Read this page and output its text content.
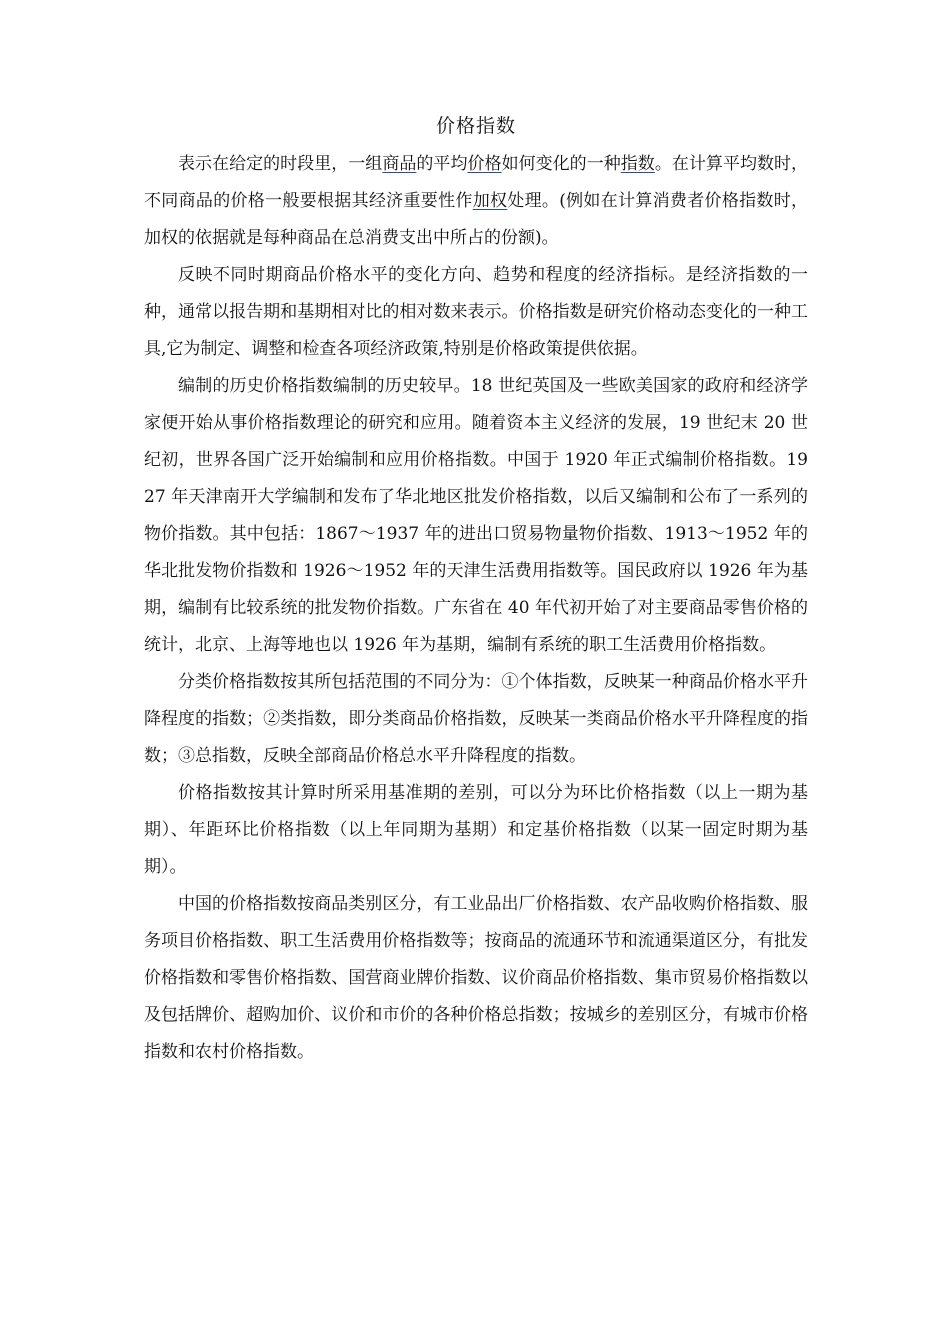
价格指数

表示在给定的时段里，一组商品的平均价格如何变化的一种指数。在计算平均数时，不同商品的价格一般要根据其经济重要性作加权处理。(例如在计算消费者价格指数时，加权的依据就是每种商品在总消费支出中所占的份额)。

反映不同时期商品价格水平的变化方向、趋势和程度的经济指标。是经济指数的一种，通常以报告期和基期相对比的相对数来表示。价格指数是研究价格动态变化的一种工具,它为制定、调整和检查各项经济政策,特别是价格政策提供依据。

编制的历史价格指数编制的历史较早。18 世纪英国及一些欧美国家的政府和经济学家便开始从事价格指数理论的研究和应用。随着资本主义经济的发展，19 世纪末 20 世纪初，世界各国广泛开始编制和应用价格指数。中国于 1920 年正式编制价格指数。1927 年天津南开大学编制和发布了华北地区批发价格指数，以后又编制和公布了一系列的物价指数。其中包括：1867～1937 年的进出口贸易物量物价指数、1913～1952 年的华北批发物价指数和 1926～1952 年的天津生活费用指数等。国民政府以 1926 年为基期，编制有比较系统的批发物价指数。广东省在 40 年代初开始了对主要商品零售价格的统计，北京、上海等地也以 1926 年为基期，编制有系统的职工生活费用价格指数。

分类价格指数按其所包括范围的不同分为：①个体指数，反映某一种商品价格水平升降程度的指数；②类指数，即分类商品价格指数，反映某一类商品价格水平升降程度的指数；③总指数，反映全部商品价格总水平升降程度的指数。

价格指数按其计算时所采用基准期的差别，可以分为环比价格指数（以上一期为基期）、年距环比价格指数（以上年同期为基期）和定基价格指数（以某一固定时期为基期）。

中国的价格指数按商品类别区分，有工业品出厂价格指数、农产品收购价格指数、服务项目价格指数、职工生活费用价格指数等；按商品的流通环节和流通渠道区分，有批发价格指数和零售价格指数、国营商业牌价指数、议价商品价格指数、集市贸易价格指数以及包括牌价、超购加价、议价和市价的各种价格总指数；按城乡的差别区分，有城市价格指数和农村价格指数。
